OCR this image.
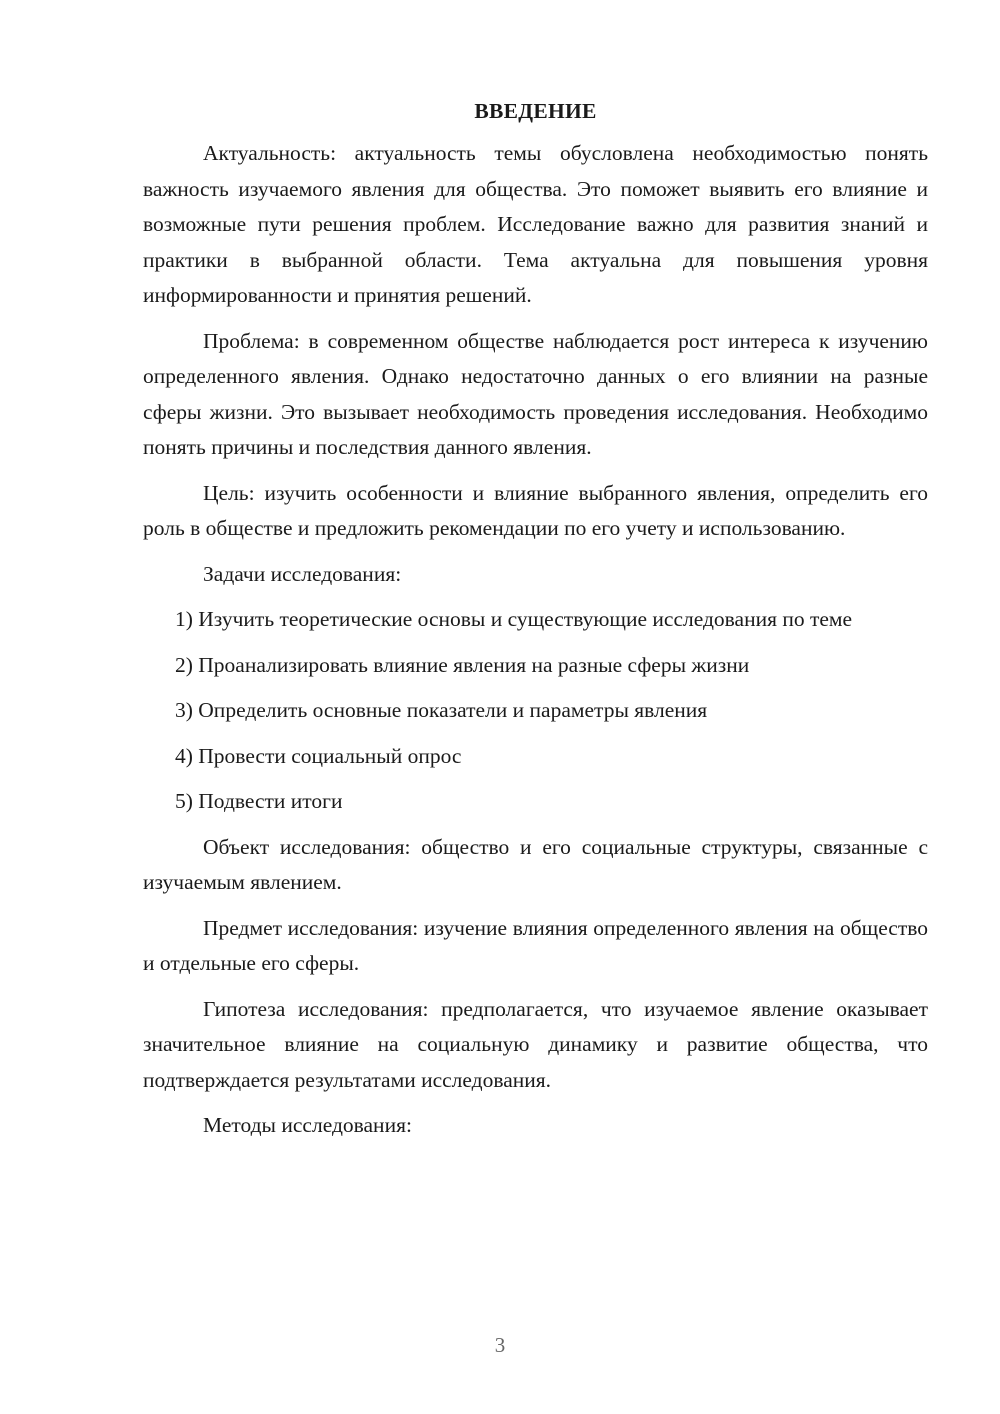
ВВЕДЕНИЕ

Актуальность: актуальность темы обусловлена необходимостью понять важность изучаемого явления для общества. Это поможет выявить его влияние и возможные пути решения проблем. Исследование важно для развития знаний и практики в выбранной области. Тема актуальна для повышения уровня информированности и принятия решений.

Проблема: в современном обществе наблюдается рост интереса к изучению определенного явления. Однако недостаточно данных о его влиянии на разные сферы жизни. Это вызывает необходимость проведения исследования. Необходимо понять причины и последствия данного явления.

Цель: изучить особенности и влияние выбранного явления, определить его роль в обществе и предложить рекомендации по его учету и использованию.

Задачи исследования:

1) Изучить теоретические основы и существующие исследования по теме

2) Проанализировать влияние явления на разные сферы жизни

3) Определить основные показатели и параметры явления

4) Провести социальный опрос

5) Подвести итоги

Объект исследования: общество и его социальные структуры, связанные с изучаемым явлением.

Предмет исследования: изучение влияния определенного явления на общество и отдельные его сферы.

Гипотеза исследования: предполагается, что изучаемое явление оказывает значительное влияние на социальную динамику и развитие общества, что подтверждается результатами исследования.

Методы исследования:

3
